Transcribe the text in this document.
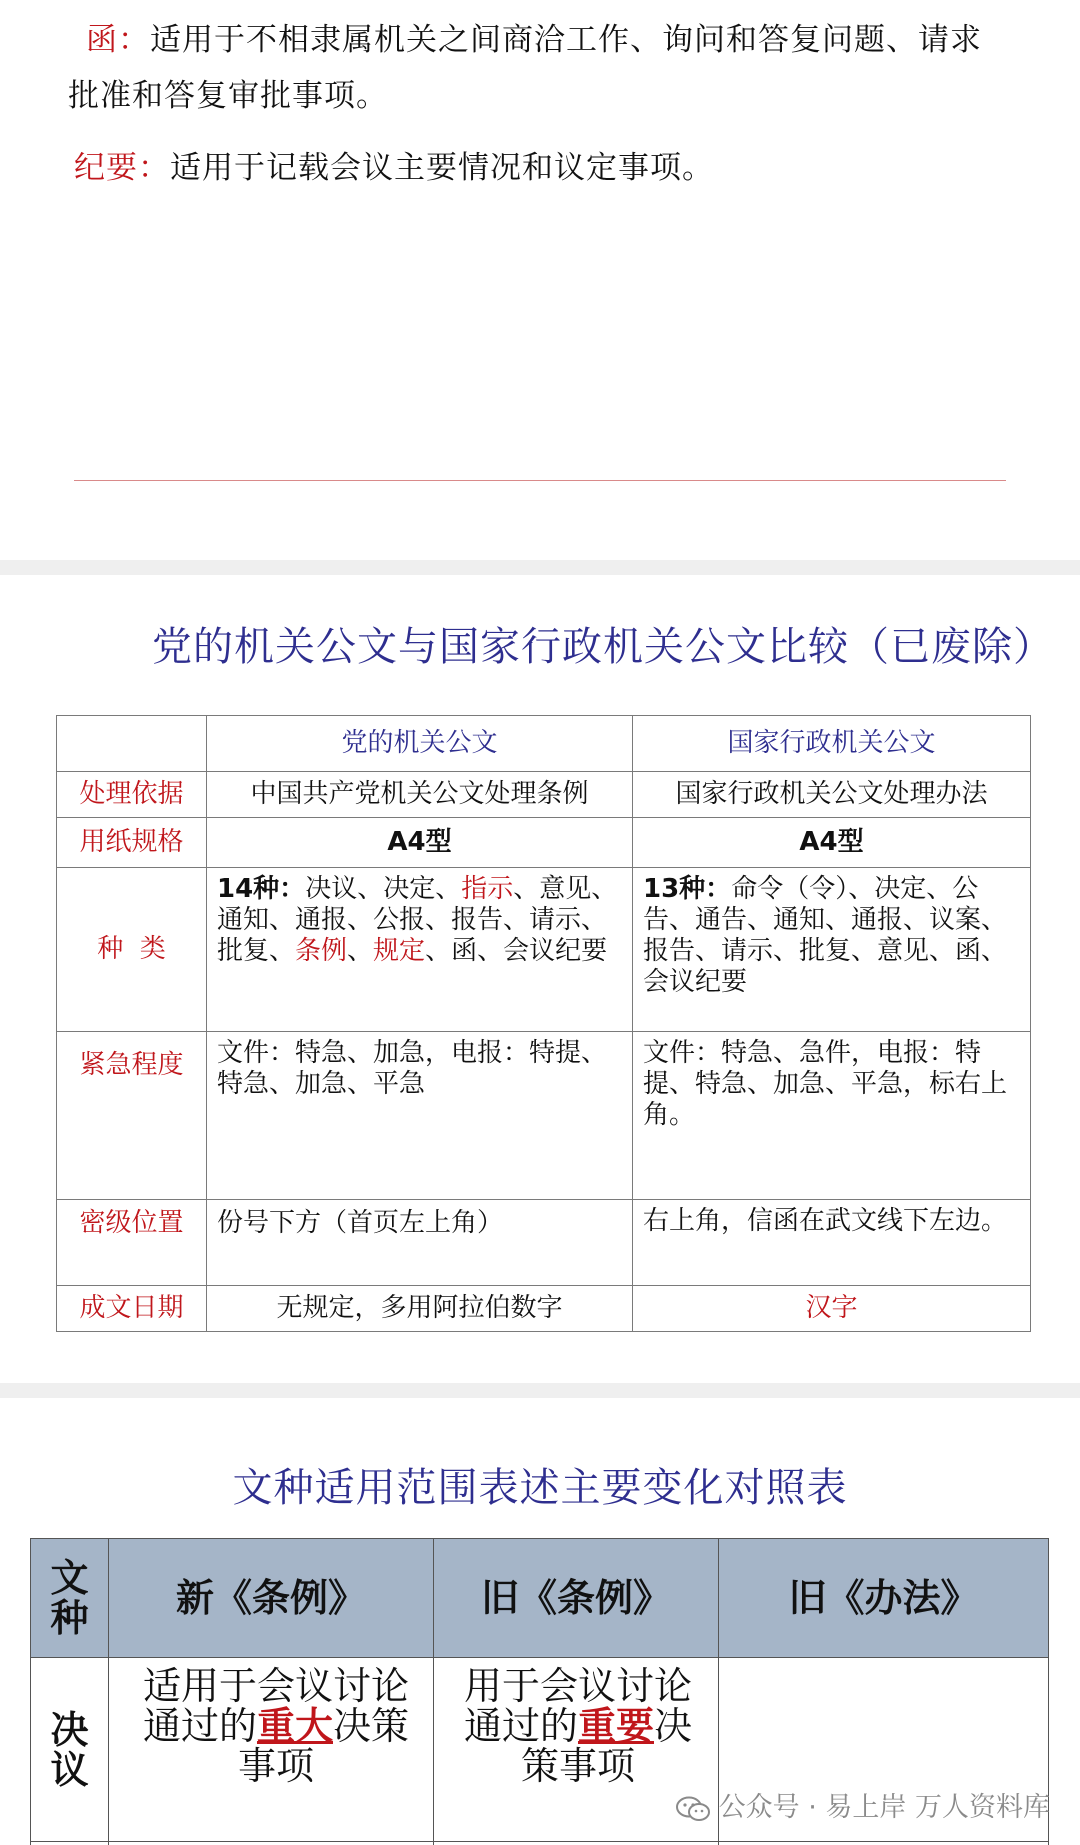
函：适用于不相隶属机关之间商洽工作、询问和答复问题、请求
批准和答复审批事项。
纪要：适用于记载会议主要情况和议定事项。
党的机关公文与国家行政机关公文比较（已废除）
	党的机关公文	国家行政机关公文
处理依据	中国共产党机关公文处理条例	国家行政机关公文处理办法
用纸规格	A4型	A4型
种  类	14种：决议、决定、指示、意见、通知、通报、公报、报告、请示、批复、条例、规定、函、会议纪要	13种：命令（令）、决定、公告、通告、通知、通报、议案、报告、请示、批复、意见、函、会议纪要
紧急程度	文件：特急、加急，电报：特提、特急、加急、平急	文件：特急、急件，电报：特提、特急、加急、平急，标右上角。
密级位置	份号下方（首页左上角）	右上角，信函在武文线下左边。
成文日期	无规定，多用阿拉伯数字	汉字
文种适用范围表述主要变化对照表
文种	新《条例》	旧《条例》	旧《办法》
决议	适用于会议讨论通过的重大决策事项	用于会议讨论通过的重要决策事项	

公众号 · 易上岸 万人资料库
